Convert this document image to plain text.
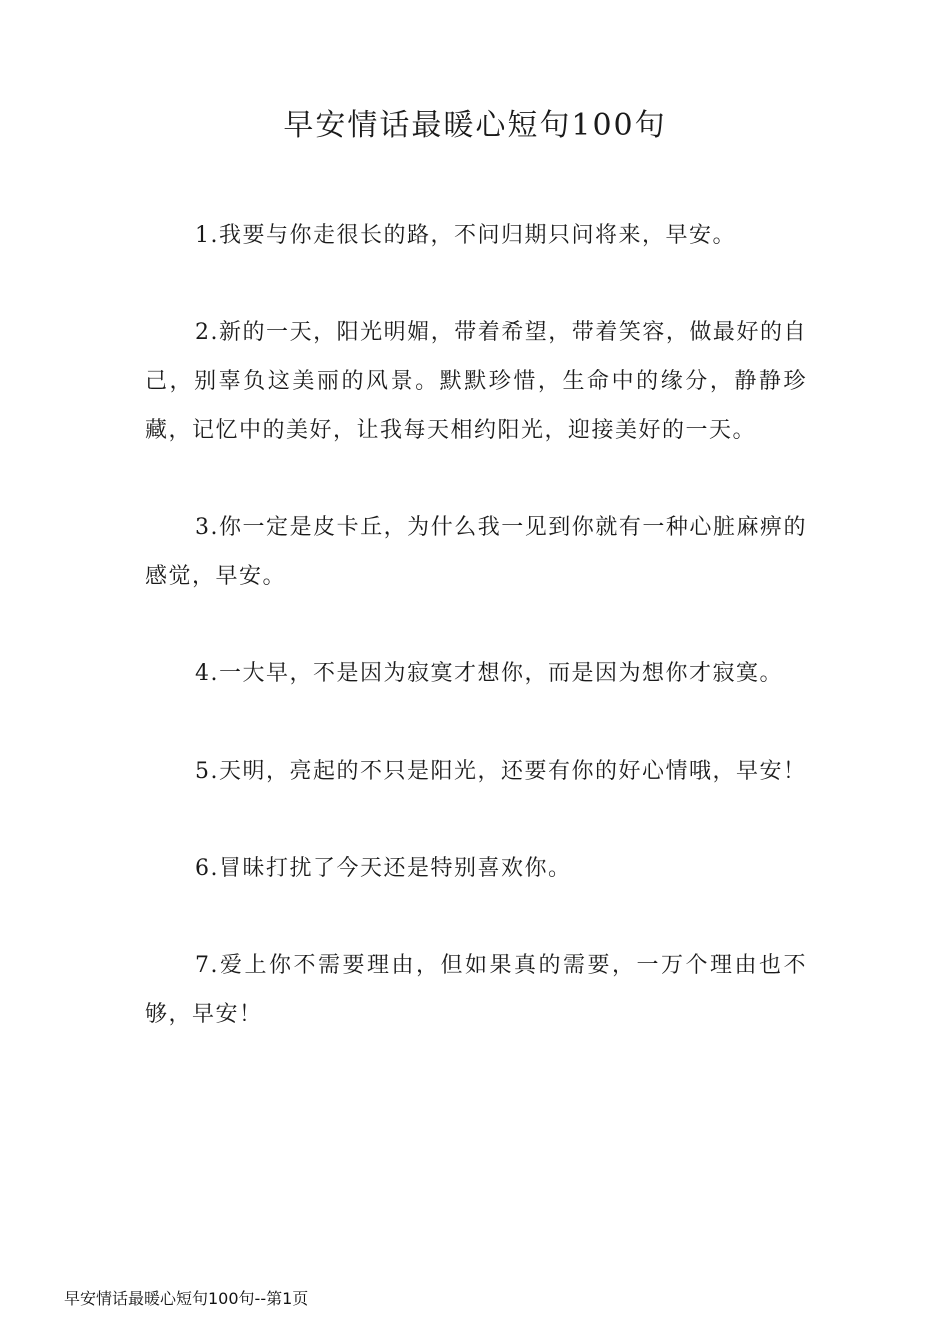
早安情话最暖心短句100句

1.我要与你走很长的路，不问归期只问将来，早安。

2.新的一天，阳光明媚，带着希望，带着笑容，做最好的自己，别辜负这美丽的风景。默默珍惜，生命中的缘分，静静珍藏，记忆中的美好，让我每天相约阳光，迎接美好的一天。

3.你一定是皮卡丘，为什么我一见到你就有一种心脏麻痹的感觉，早安。

4.一大早，不是因为寂寞才想你，而是因为想你才寂寞。

5.天明，亮起的不只是阳光，还要有你的好心情哦，早安！

6.冒昧打扰了今天还是特别喜欢你。

7.爱上你不需要理由，但如果真的需要，一万个理由也不够，早安！

早安情话最暖心短句100句--第1页
